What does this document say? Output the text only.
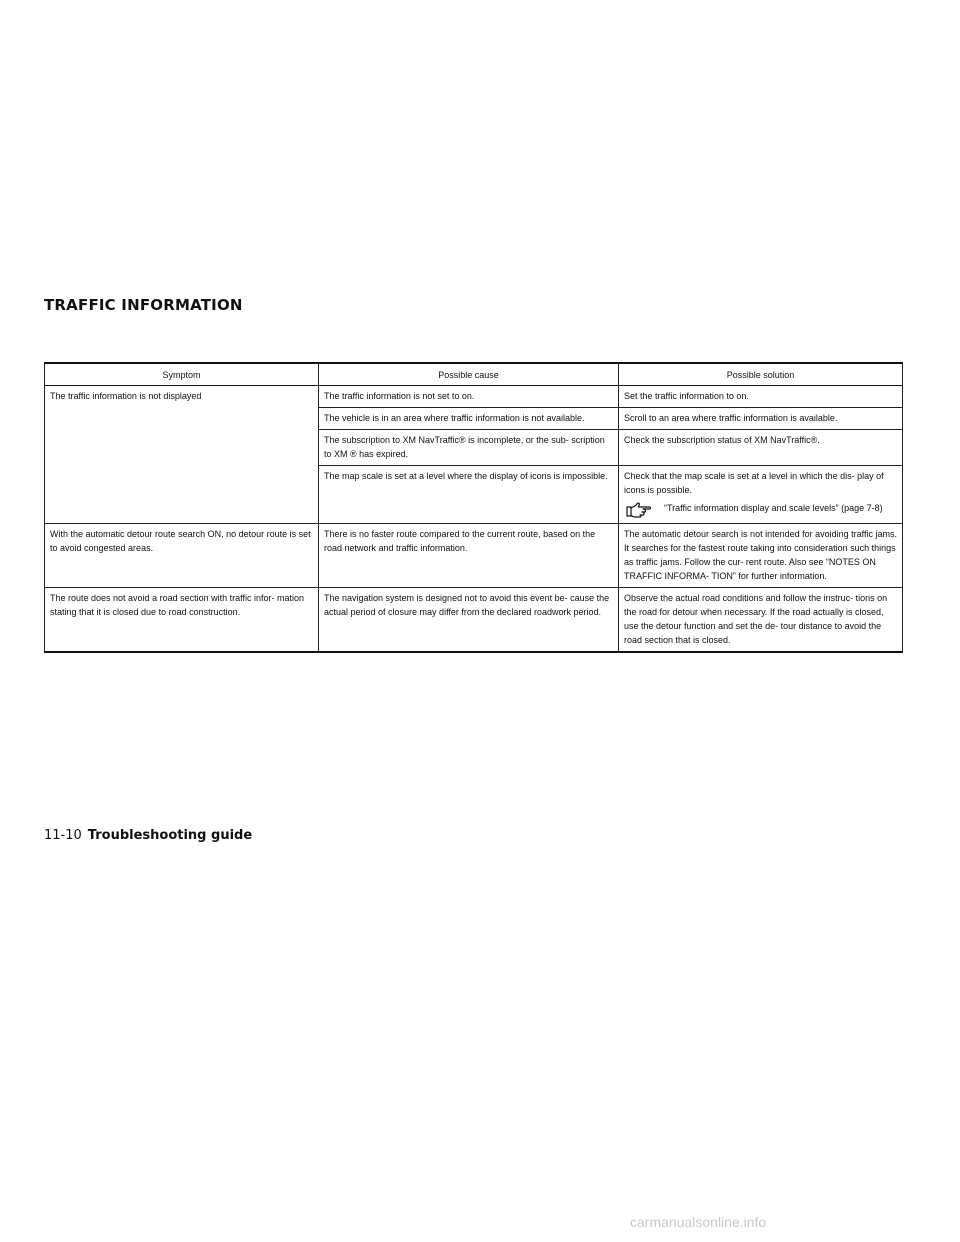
TRAFFIC INFORMATION
Symptom	Possible cause	Possible solution
The traffic information is not displayed	The traffic information is not set to on.	Set the traffic information to on.
	The vehicle is in an area where traffic information is not available.	Scroll to an area where traffic information is available.
	The subscription to XM NavTraffic® is incomplete, or the sub- scription to XM ® has expired.	Check the subscription status of XM NavTraffic®.
	The map scale is set at a level where the display of icons is impossible.	Check that the map scale is set at a level in which the dis- play of icons is possible.
“Traffic information display and scale levels” (page 7-8)

With the automatic detour route search ON, no detour route is set to avoid congested areas.	There is no faster route compared to the current route, based on the road network and traffic information.	The automatic detour search is not intended for avoiding traffic jams. It searches for the fastest route taking into consideration such things as traffic jams. Follow the cur- rent route. Also see “NOTES ON TRAFFIC INFORMA- TION” for further information.
The route does not avoid a road section with traffic infor- mation stating that it is closed due to road construction.	The navigation system is designed not to avoid this event be- cause the actual period of closure may differ from the declared roadwork period.	Observe the actual road conditions and follow the instruc- tions on the road for detour when necessary. If the road actually is closed, use the detour function and set the de- tour distance to avoid the road section that is closed.
11-10 Troubleshooting guide
carmanualsonline.info
